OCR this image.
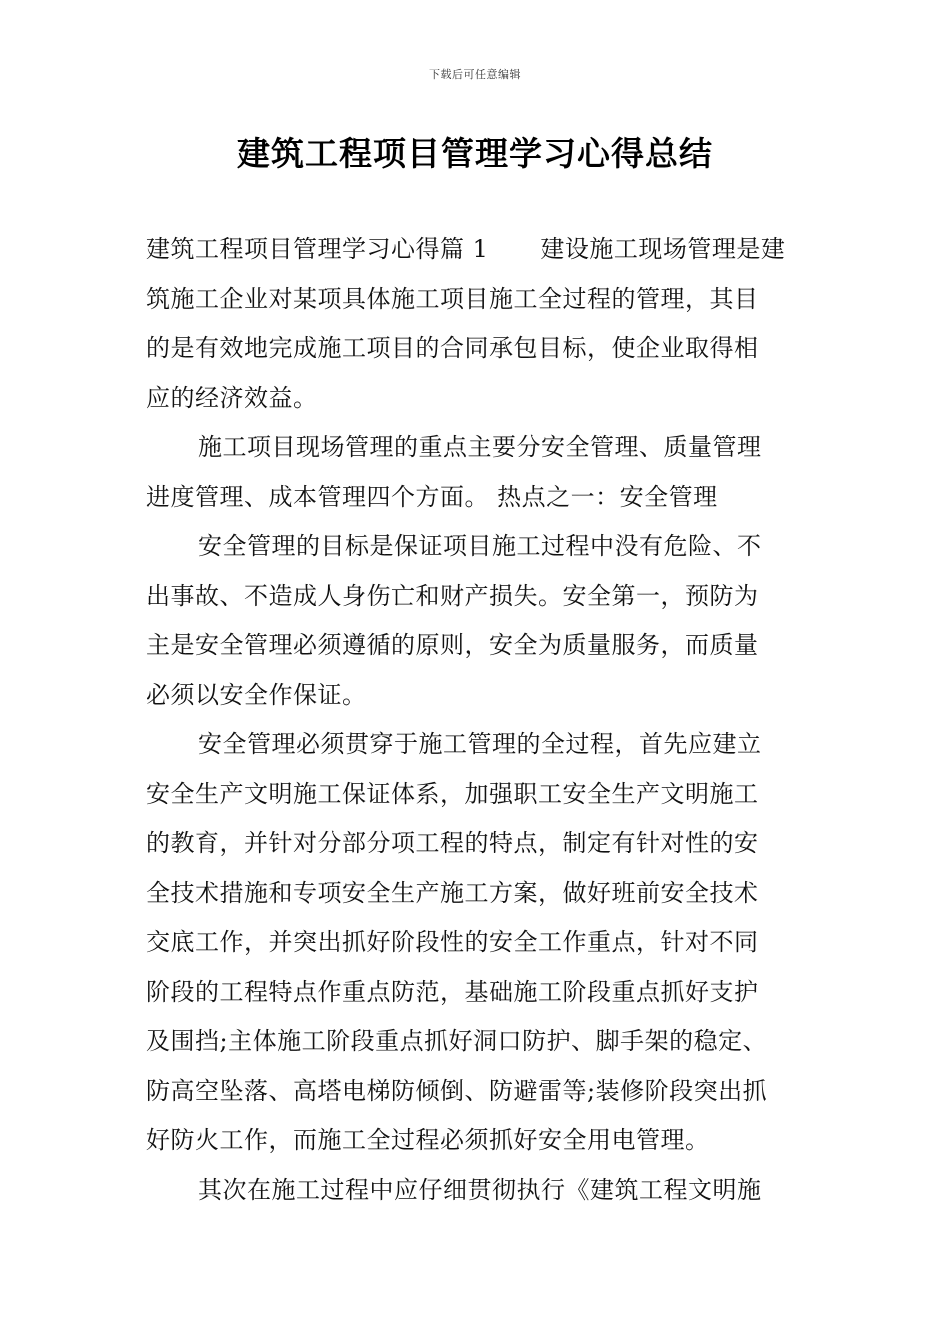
下载后可任意编辑
建筑工程项目管理学习心得总结
建筑工程项目管理学习心得篇 1 建设施工现场管理是建
筑施工企业对某项具体施工项目施工全过程的管理，其目
的是有效地完成施工项目的合同承包目标，使企业取得相
应的经济效益。
施工项目现场管理的重点主要分安全管理、质量管理
进度管理、成本管理四个方面。 热点之一：安全管理
安全管理的目标是保证项目施工过程中没有危险、不
出事故、不造成人身伤亡和财产损失。安全第一，预防为
主是安全管理必须遵循的原则，安全为质量服务，而质量
必须以安全作保证。
安全管理必须贯穿于施工管理的全过程，首先应建立
安全生产文明施工保证体系，加强职工安全生产文明施工
的教育，并针对分部分项工程的特点，制定有针对性的安
全技术措施和专项安全生产施工方案，做好班前安全技术
交底工作，并突出抓好阶段性的安全工作重点，针对不同
阶段的工程特点作重点防范，基础施工阶段重点抓好支护
及围挡;主体施工阶段重点抓好洞口防护、脚手架的稳定、
防高空坠落、高塔电梯防倾倒、防避雷等;装修阶段突出抓
好防火工作，而施工全过程必须抓好安全用电管理。
其次在施工过程中应仔细贯彻执行《建筑工程文明施
